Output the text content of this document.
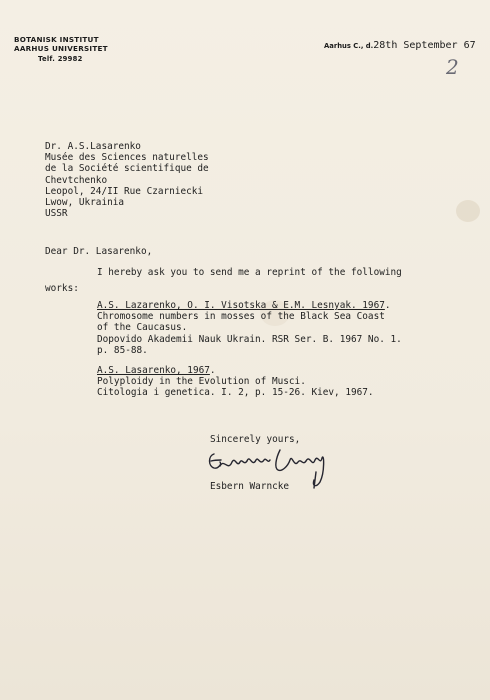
BOTANISK INSTITUT
AARHUS UNIVERSITET
Telf. 29982
Aarhus C., d.28th September 67
2
Dr. A.S.Lasarenko
Musée des Sciences naturelles
de la Société scientifique de
Chevtchenko
Leopol, 24/II Rue Czarniecki
Lwow, Ukrainia
USSR
Dear Dr. Lasarenko,
I hereby ask you to send me a reprint of the following
works:
A.S. Lazarenko, O. I. Visotska & E.M. Lesnyak. 1967.
Chromosome numbers in mosses of the Black Sea Coast
of the Caucasus.
Dopovido Akademii Nauk Ukrain. RSR Ser. B. 1967 No. 1.
p. 85-88.
A.S. Lasarenko, 1967.
Polyploidy in the Evolution of Musci.
Citologia i genetica. I. 2, p. 15-26. Kiev, 1967.
Sincerely yours,
Esbern Warncke
